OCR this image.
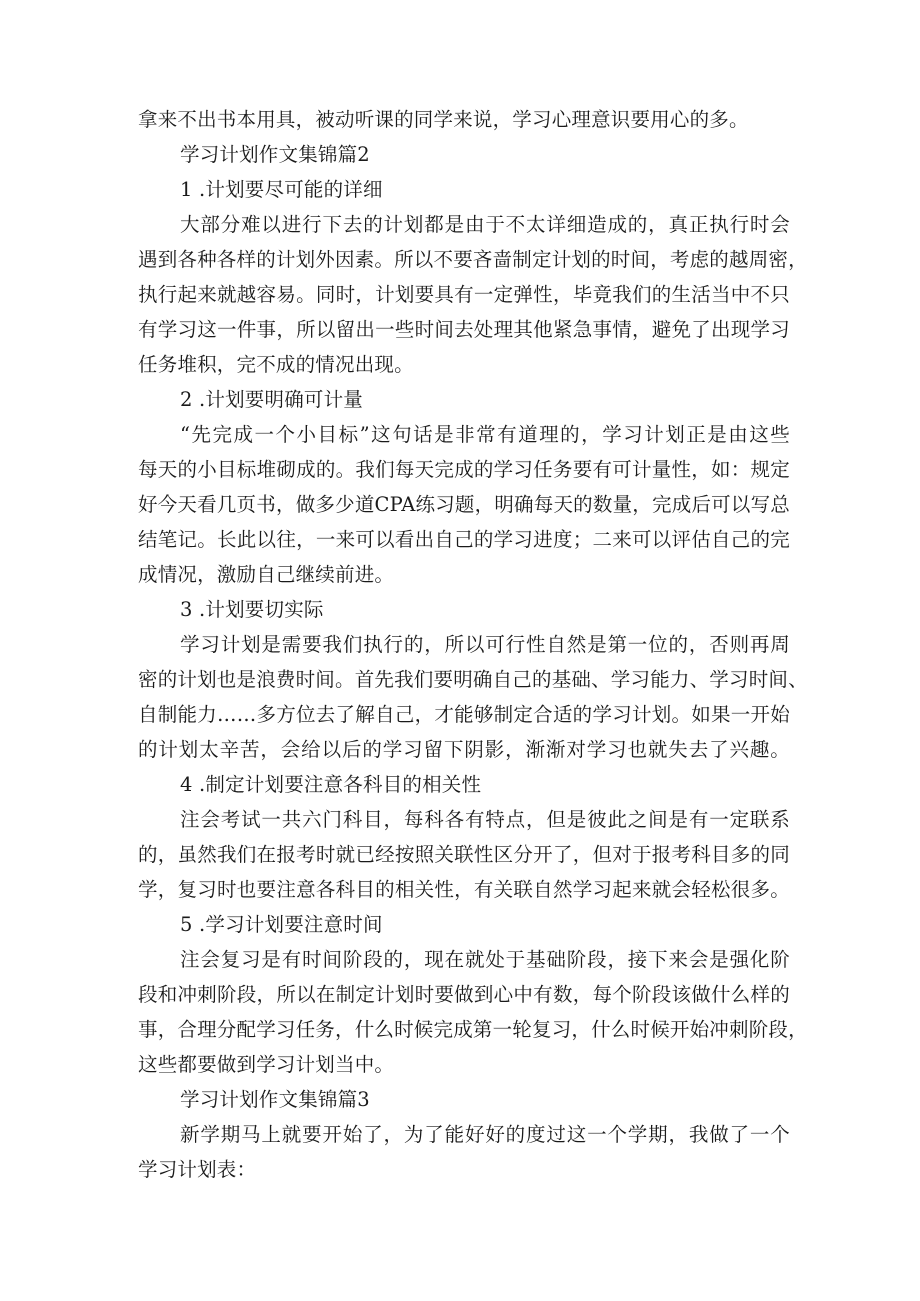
拿来不出书本用具，被动听课的同学来说，学习心理意识要用心的多。

学习计划作文集锦篇2

1 .计划要尽可能的详细

大部分难以进行下去的计划都是由于不太详细造成的，真正执行时会

遇到各种各样的计划外因素。所以不要吝啬制定计划的时间，考虑的越周密，

执行起来就越容易。同时，计划要具有一定弹性，毕竟我们的生活当中不只

有学习这一件事，所以留出一些时间去处理其他紧急事情，避免了出现学习

任务堆积，完不成的情况出现。

2 .计划要明确可计量

“先完成一个小目标”这句话是非常有道理的，学习计划正是由这些

每天的小目标堆砌成的。我们每天完成的学习任务要有可计量性，如：规定

好今天看几页书，做多少道CPA练习题，明确每天的数量，完成后可以写总

结笔记。长此以往，一来可以看出自己的学习进度；二来可以评估自己的完

成情况，激励自己继续前进。

3 .计划要切实际

学习计划是需要我们执行的，所以可行性自然是第一位的，否则再周

密的计划也是浪费时间。首先我们要明确自己的基础、学习能力、学习时间、

自制能力……多方位去了解自己，才能够制定合适的学习计划。如果一开始

的计划太辛苦，会给以后的学习留下阴影，渐渐对学习也就失去了兴趣。

4 .制定计划要注意各科目的相关性

注会考试一共六门科目，每科各有特点，但是彼此之间是有一定联系

的，虽然我们在报考时就已经按照关联性区分开了，但对于报考科目多的同

学，复习时也要注意各科目的相关性，有关联自然学习起来就会轻松很多。

5 .学习计划要注意时间

注会复习是有时间阶段的，现在就处于基础阶段，接下来会是强化阶

段和冲刺阶段，所以在制定计划时要做到心中有数，每个阶段该做什么样的

事，合理分配学习任务，什么时候完成第一轮复习，什么时候开始冲刺阶段，

这些都要做到学习计划当中。

学习计划作文集锦篇3

新学期马上就要开始了，为了能好好的度过这一个学期，我做了一个

学习计划表：
